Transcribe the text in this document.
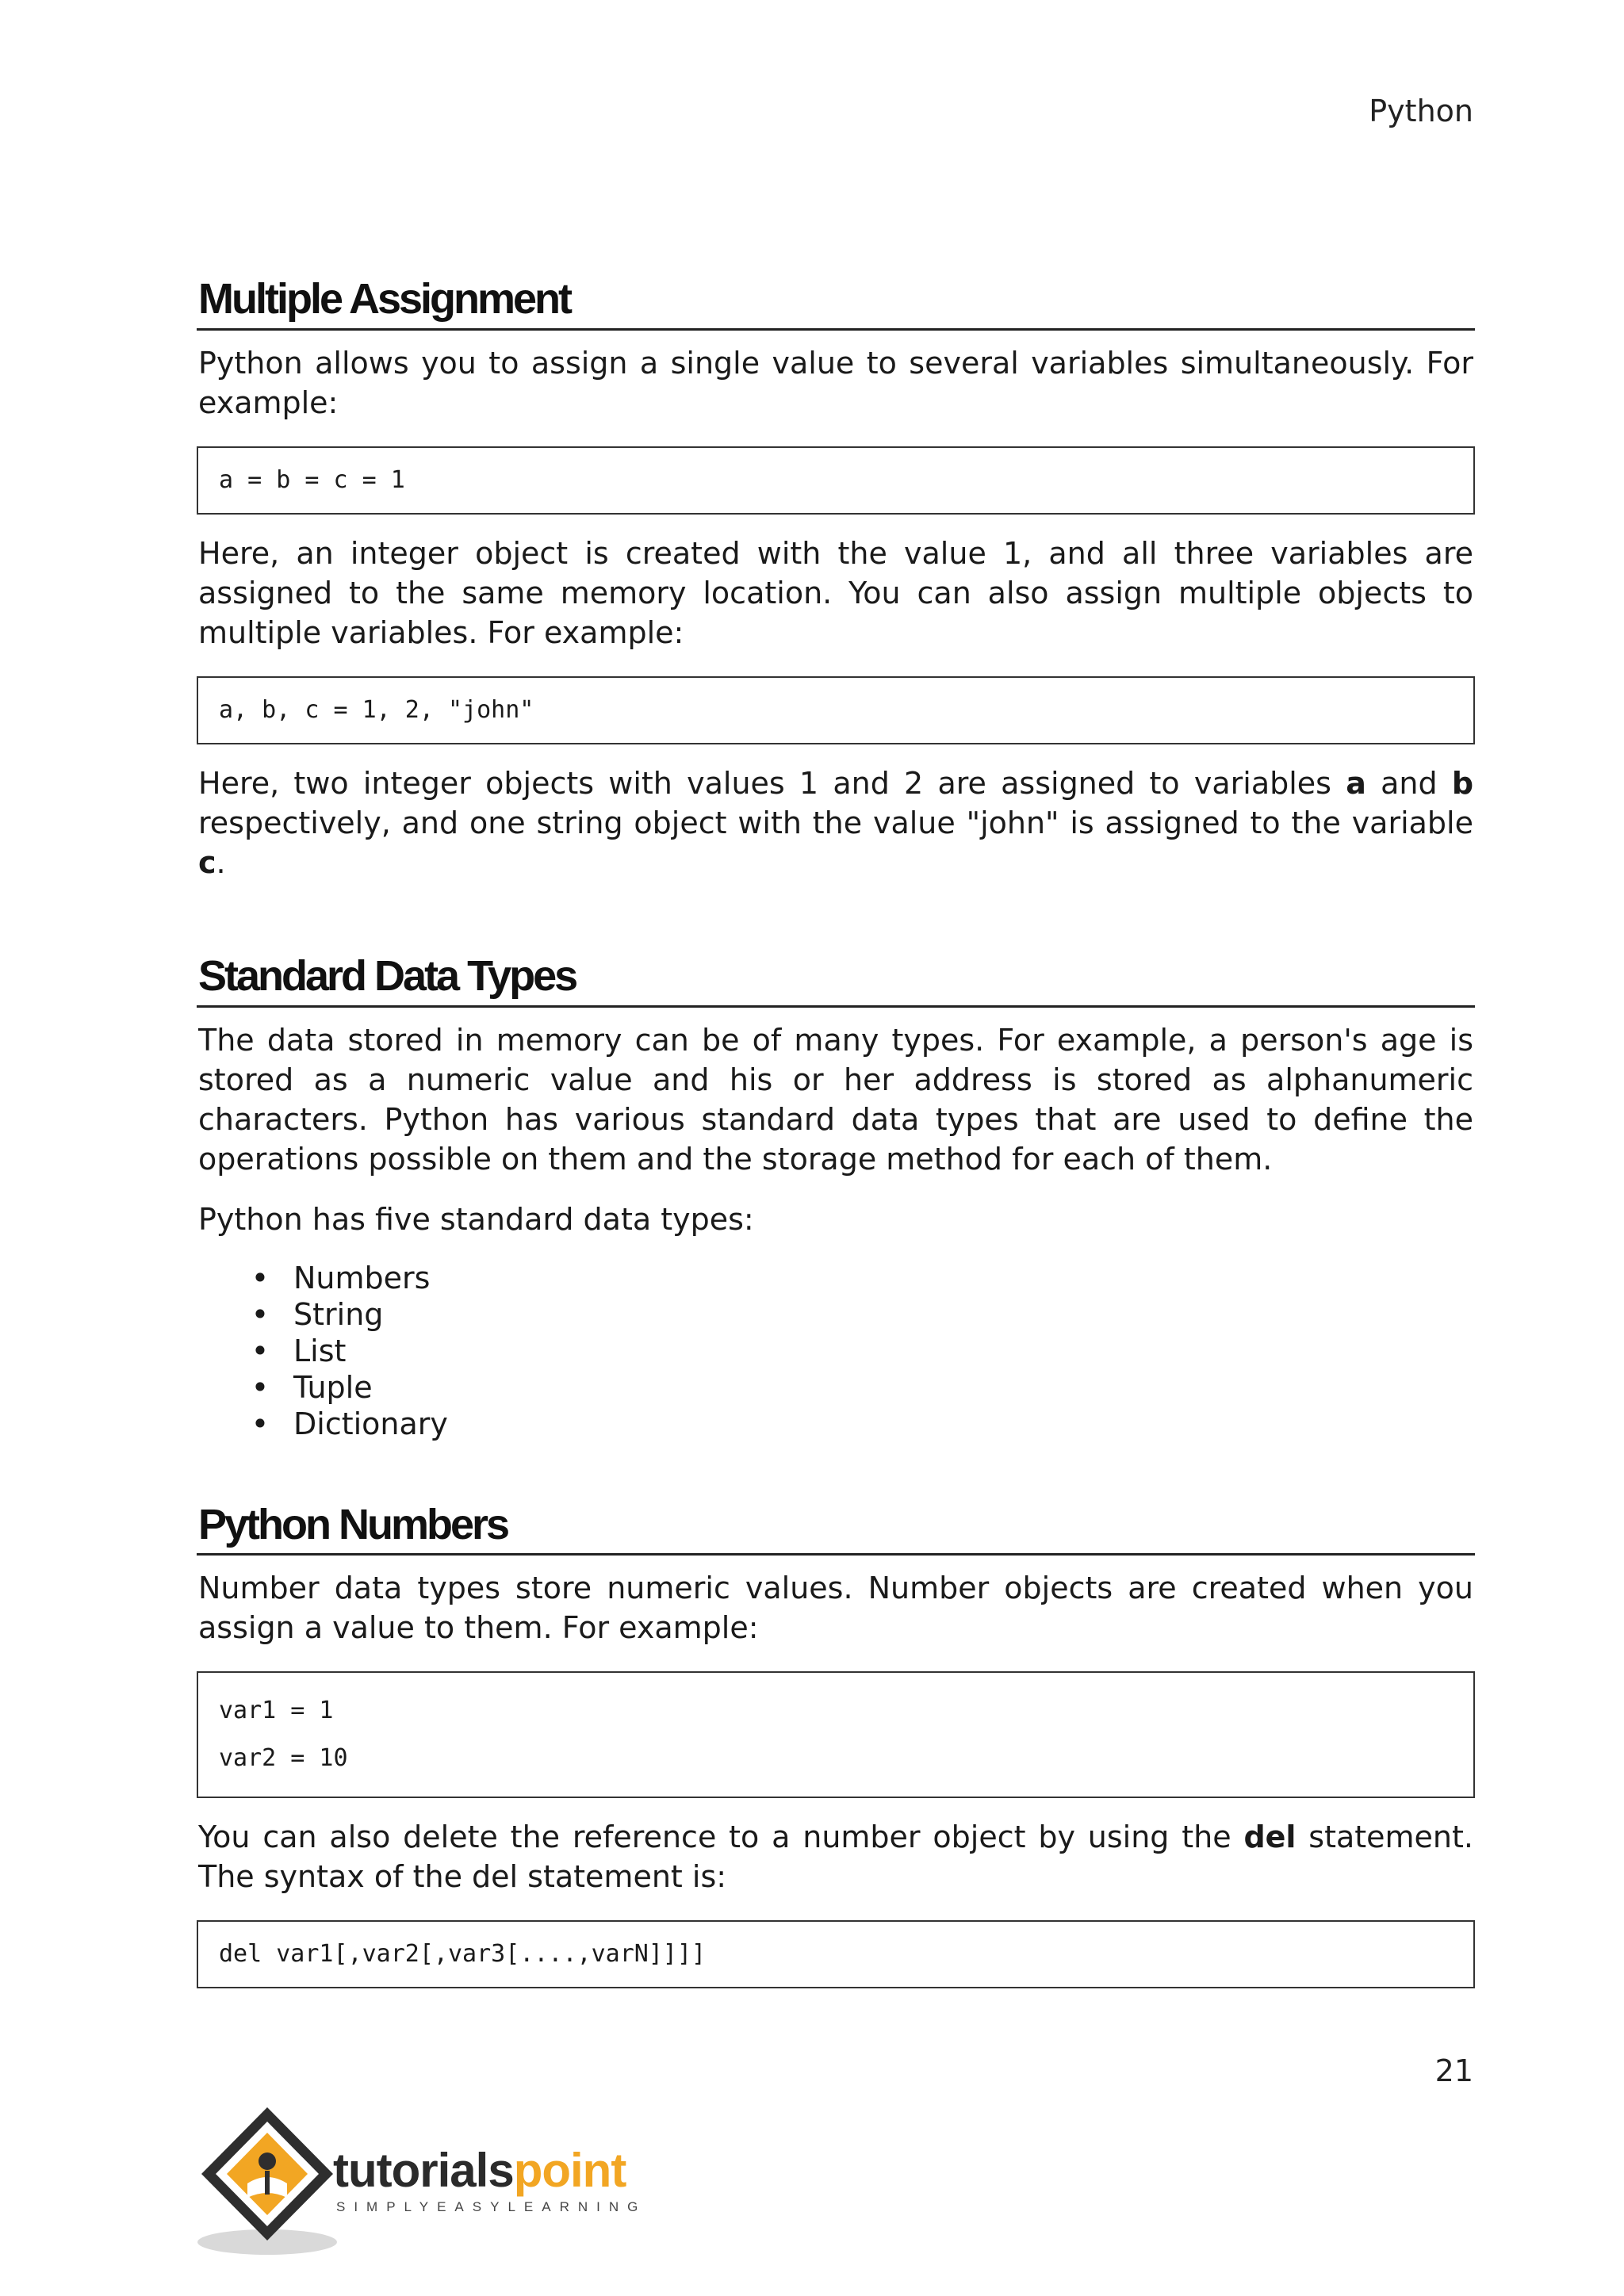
Python
Multiple Assignment

Python allows you to assign a single value to several variables simultaneously. For example:

a = b = c = 1

Here, an integer object is created with the value 1, and all three variables are assigned to the same memory location. You can also assign multiple objects to multiple variables. For example:

a, b, c = 1, 2, "john"

Here, two integer objects with values 1 and 2 are assigned to variables a and b respectively, and one string object with the value "john" is assigned to the variable c.

Standard Data Types

The data stored in memory can be of many types. For example, a person's age is stored as a numeric value and his or her address is stored as alphanumeric characters. Python has various standard data types that are used to define the operations possible on them and the storage method for each of them.

Python has five standard data types:

• Numbers
• String
• List
• Tuple
• Dictionary
Python Numbers

Number data types store numeric values. Number objects are created when you assign a value to them. For example:

var1 = 1
var2 = 10

You can also delete the reference to a number object by using the del statement. The syntax of the del statement is:

del var1[,var2[,var3[....,varN]]]]
21
tutorialspoint
SIMPLYEASYLEARNING
